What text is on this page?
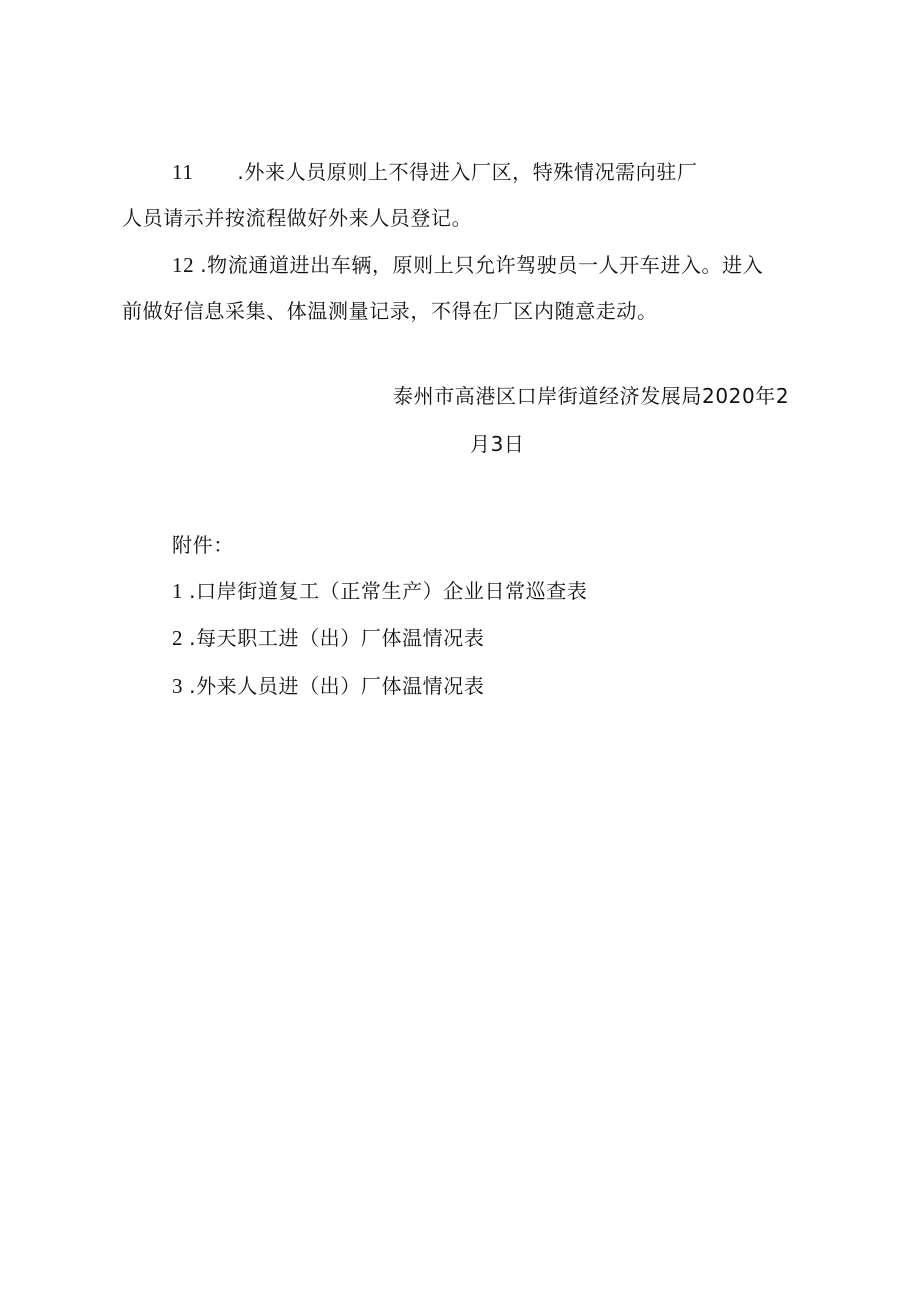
11 .外来人员原则上不得进入厂区，特殊情况需向驻厂
人员请示并按流程做好外来人员登记。
12 .物流通道进出车辆，原则上只允许驾驶员一人开车进入。进入
前做好信息采集、体温测量记录，不得在厂区内随意走动。
泰州市高港区口岸街道经济发展局2020年2
月3日
附件：
1 .口岸街道复工（正常生产）企业日常巡查表
2 .每天职工进（出）厂体温情况表
3 .外来人员进（出）厂体温情况表
